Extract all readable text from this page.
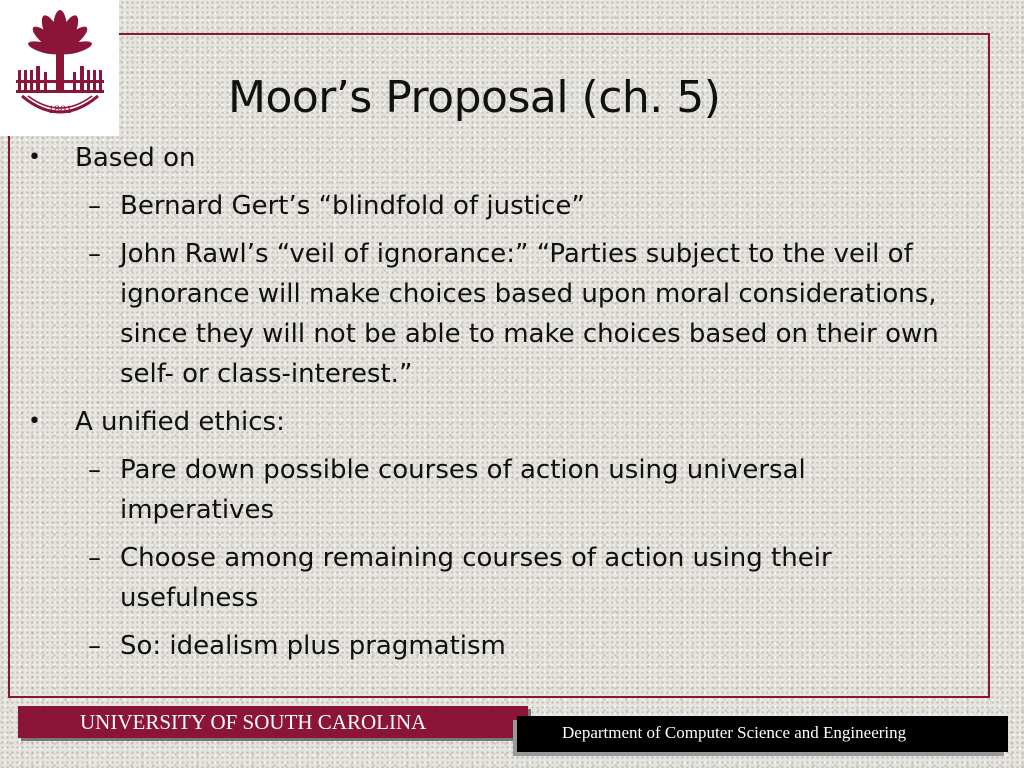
1801	Moor’s Proposal (ch. 5)
• Based on
– Bernard Gert’s “blindfold of justice”
– John Rawl’s “veil of ignorance:” “Parties subject to the veil of ignorance will make choices based upon moral considerations, since they will not be able to make choices based on their own self- or class-interest.”
• A unified ethics:
– Pare down possible courses of action using universal imperatives
– Choose among remaining courses of action using their usefulness
– So: idealism plus pragmatism
UNIVERSITY OF SOUTH CAROLINA	Department of Computer Science and Engineering
